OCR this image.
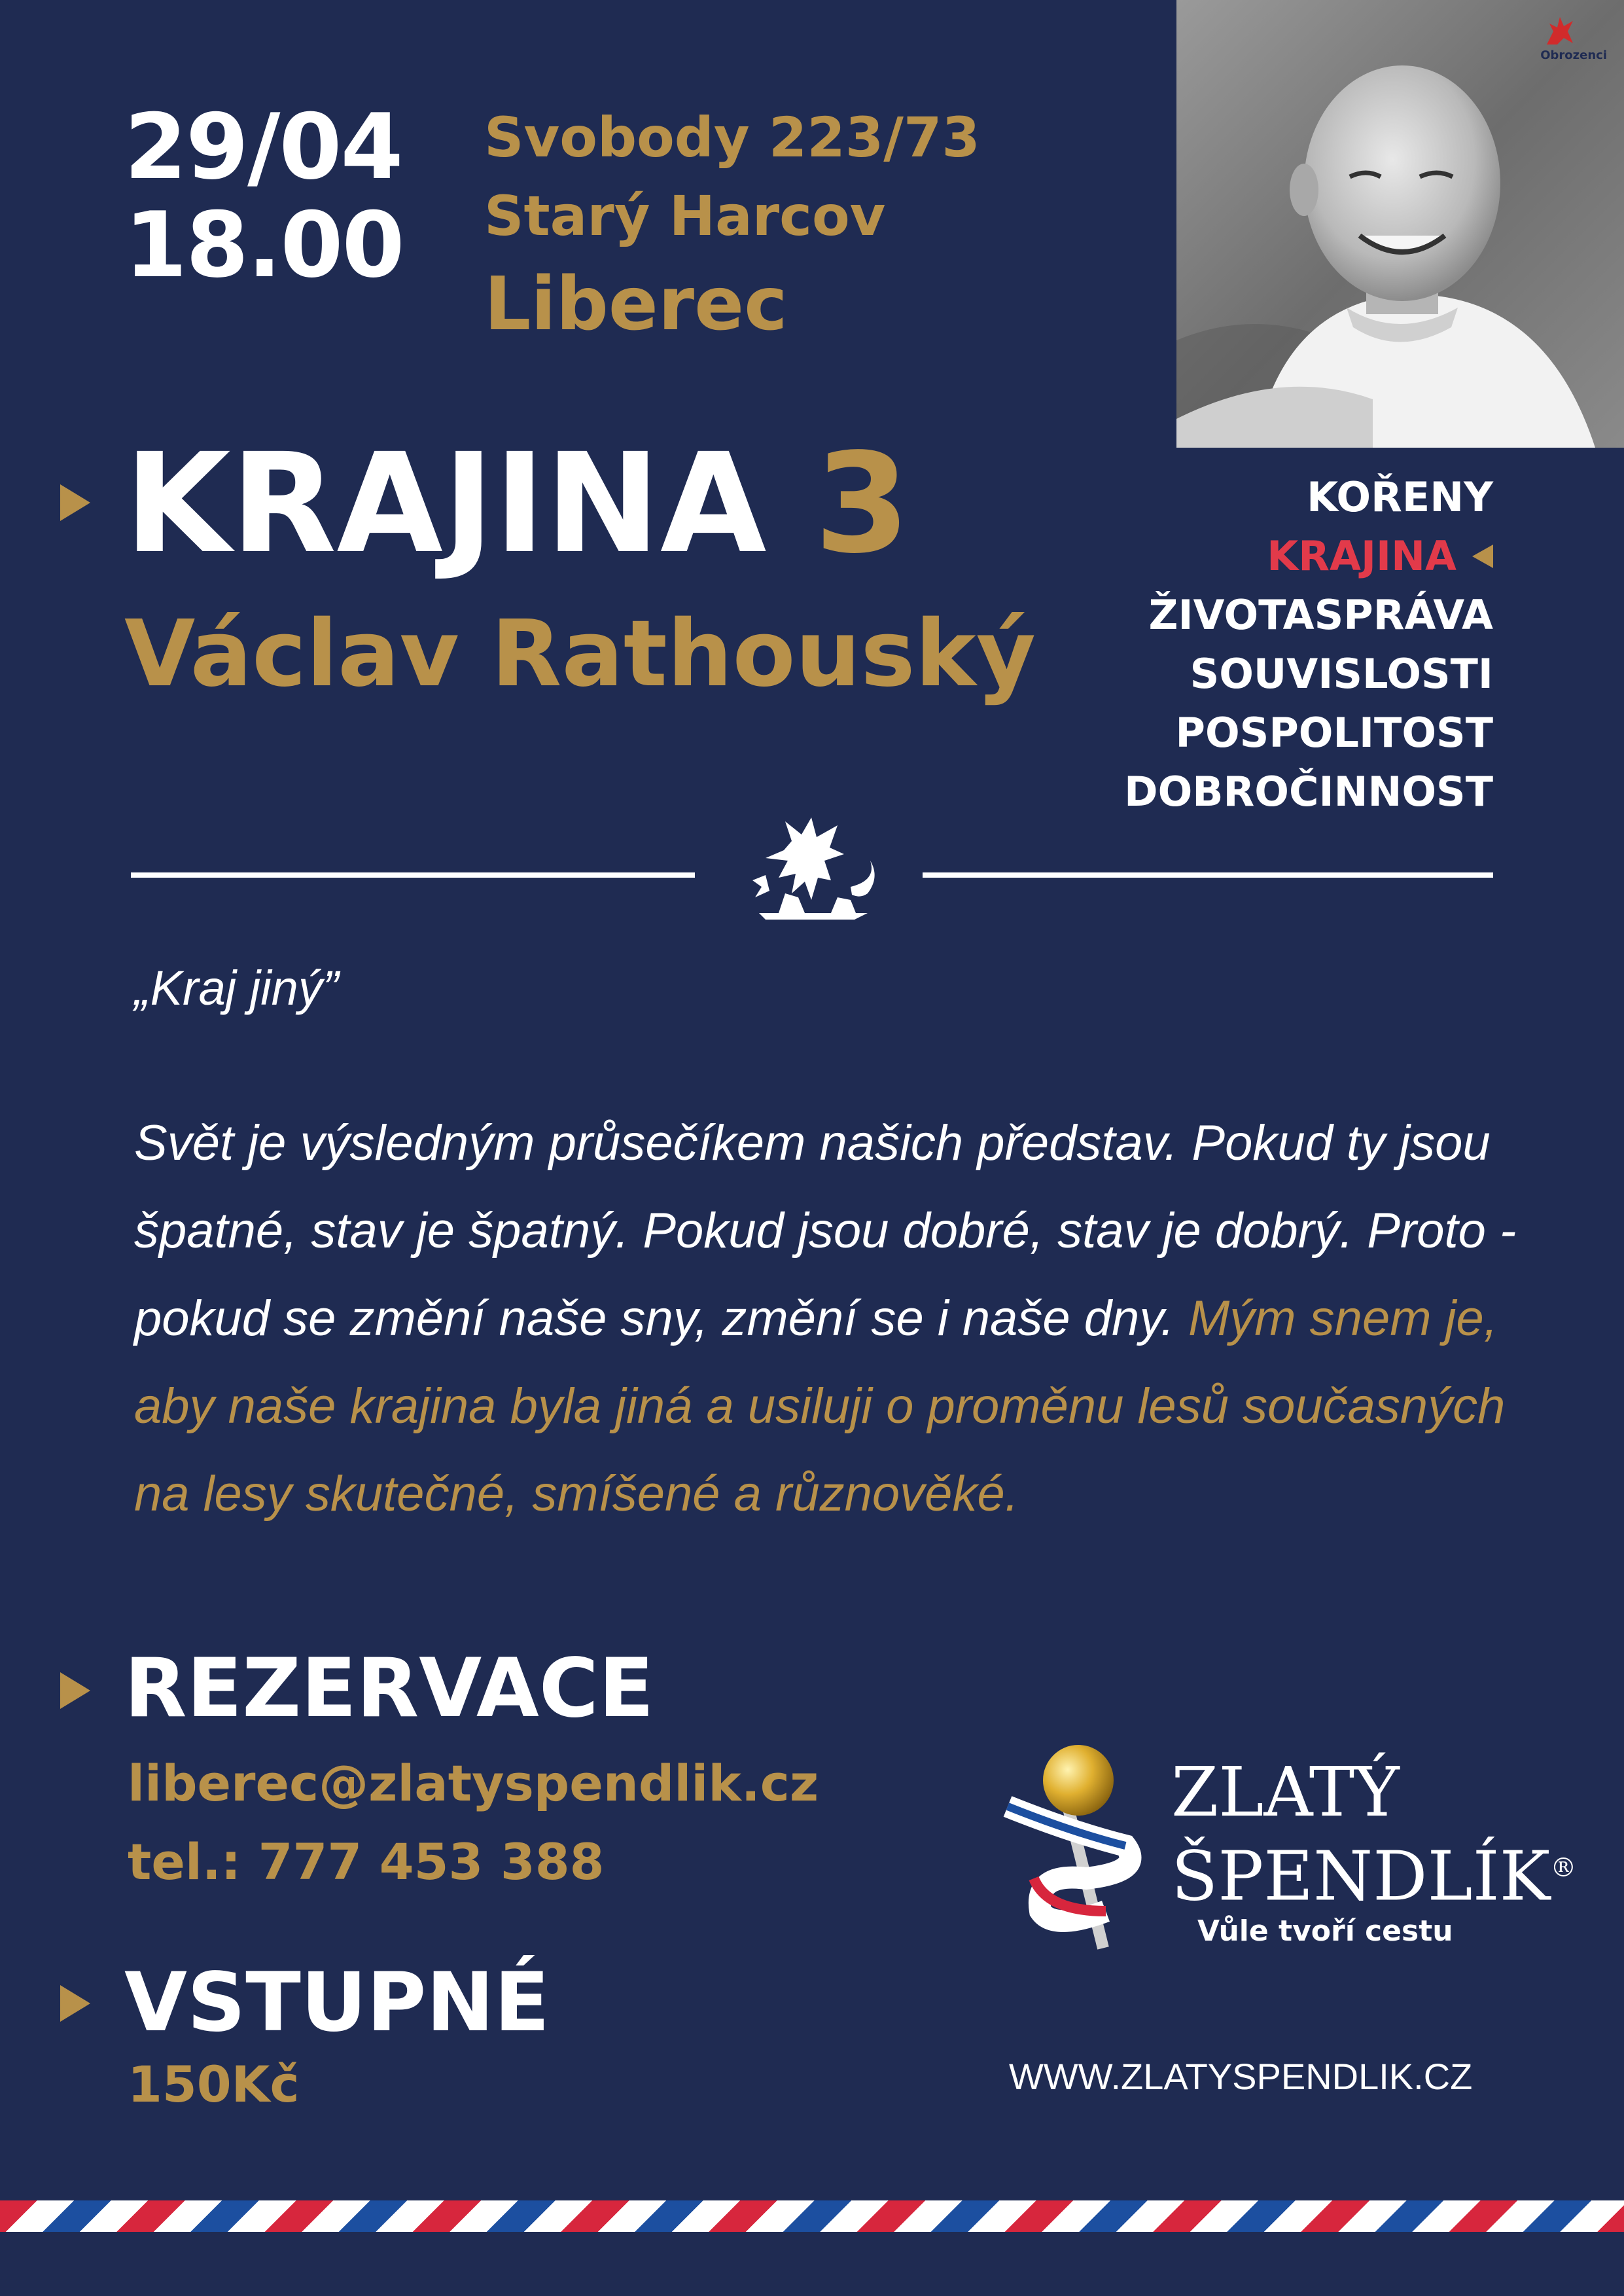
29/04
18.00
Svobody 223/73
Starý Harcov
Liberec
Obrozenci
KRAJINA 3
Václav Rathouský
KOŘENY
KRAJINA
ŽIVOTASPRÁVA
SOUVISLOSTI
POSPOLITOST
DOBROČINNOST
„Kraj jiný”
Svět je výsledným průsečíkem našich představ. Pokud ty jsou špatné, stav je špatný. Pokud jsou dobré, stav je dobrý. Proto - pokud se změní naše sny, změní se i naše dny. Mým snem je, aby naše krajina byla jiná a usiluji o proměnu lesů současných na lesy skutečné, smíšené a různověké.
REZERVACE
liberec@zlatyspendlik.cz
tel.: 777 453 388
VSTUPNÉ
150Kč
ZLATÝ
ŠPENDLÍK®
Vůle tvoří cestu
WWW.ZLATYSPENDLIK.CZ
